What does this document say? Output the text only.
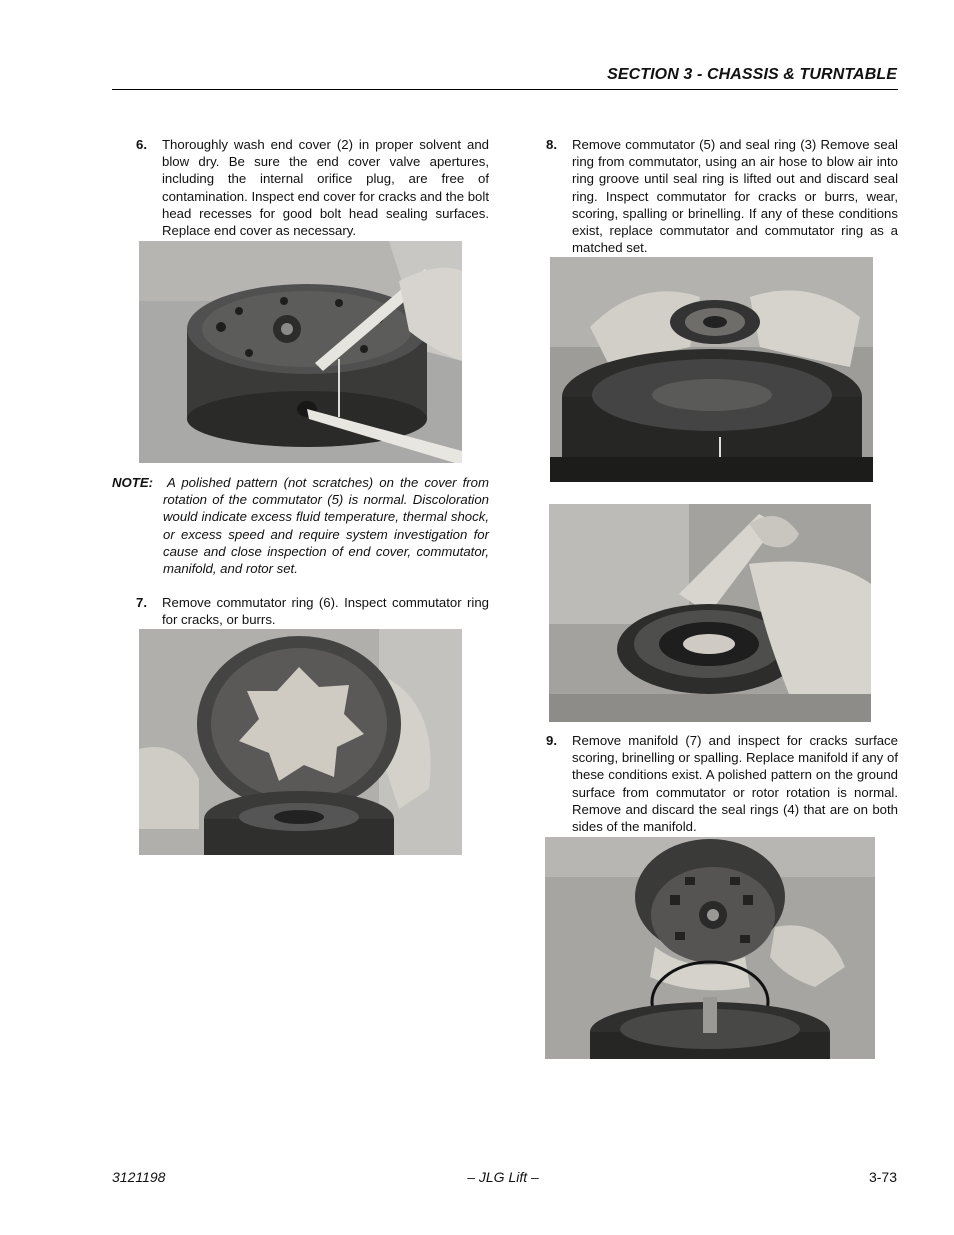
SECTION 3 - CHASSIS & TURNTABLE
6. Thoroughly wash end cover (2) in proper solvent and blow dry. Be sure the end cover valve apertures, including the internal orifice plug, are free of contamination. Inspect end cover for cracks and the bolt head recesses for good bolt head sealing surfaces. Replace end cover as necessary.
NOTE:	A polished pattern (not scratches) on the cover from rotation of the commutator (5) is normal. Discoloration would indicate excess fluid temperature, thermal shock, or excess speed and require system investigation for cause and close inspection of end cover, commutator, manifold, and rotor set.
7. Remove commutator ring (6). Inspect commutator ring for cracks, or burrs.
8. Remove commutator (5) and seal ring (3) Remove seal ring from commutator, using an air hose to blow air into ring groove until seal ring is lifted out and discard seal ring. Inspect commutator for cracks or burrs, wear, scoring, spalling or brinelling. If any of these conditions exist, replace commutator and commutator ring as a matched set.
9. Remove manifold (7) and inspect for cracks surface scoring, brinelling or spalling. Replace manifold if any of these conditions exist. A polished pattern on the ground surface from commutator or rotor rotation is normal. Remove and discard the seal rings (4) that are on both sides of the manifold.
3121198	– JLG Lift –	3-73
